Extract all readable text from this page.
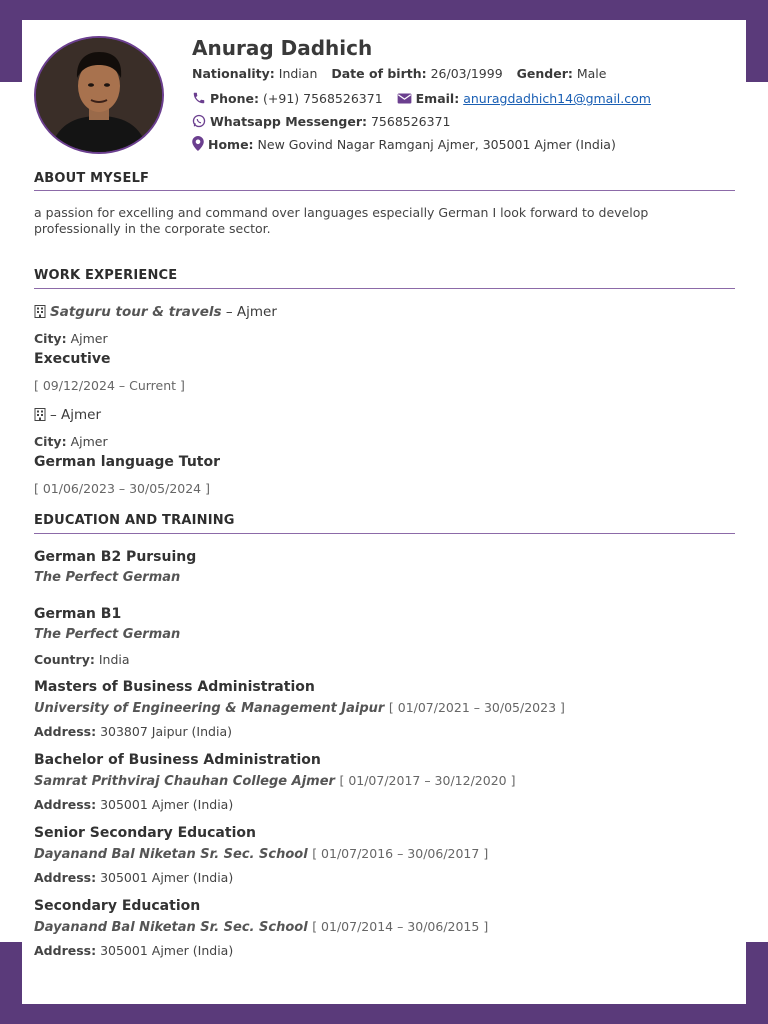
Anurag Dadhich
Nationality: Indian Date of birth: 26/03/1999 Gender: Male
Phone: (+91) 7568526371	Email: anuragdadhich14@gmail.com
Whatsapp Messenger: 7568526371
Home: New Govind Nagar Ramganj Ajmer, 305001 Ajmer (India)
ABOUT MYSELF
a passion for excelling and command over languages especially German I look forward to develop
professionally in the corporate sector.
WORK EXPERIENCE
Satguru tour & travels – Ajmer
City: Ajmer
Executive
[ 09/12/2024 – Current ]
– Ajmer
City: Ajmer
German language Tutor
[ 01/06/2023 – 30/05/2024 ]
EDUCATION AND TRAINING
German B2 Pursuing
The Perfect German
German B1
The Perfect German
Country: India
Masters of Business Administration
University of Engineering & Management Jaipur [ 01/07/2021 – 30/05/2023 ]
Address: 303807 Jaipur (India)
Bachelor of Business Administration
Samrat Prithviraj Chauhan College Ajmer [ 01/07/2017 – 30/12/2020 ]
Address: 305001 Ajmer (India)
Senior Secondary Education
Dayanand Bal Niketan Sr. Sec. School [ 01/07/2016 – 30/06/2017 ]
Address: 305001 Ajmer (India)
Secondary Education
Dayanand Bal Niketan Sr. Sec. School [ 01/07/2014 – 30/06/2015 ]
Address: 305001 Ajmer (India)
